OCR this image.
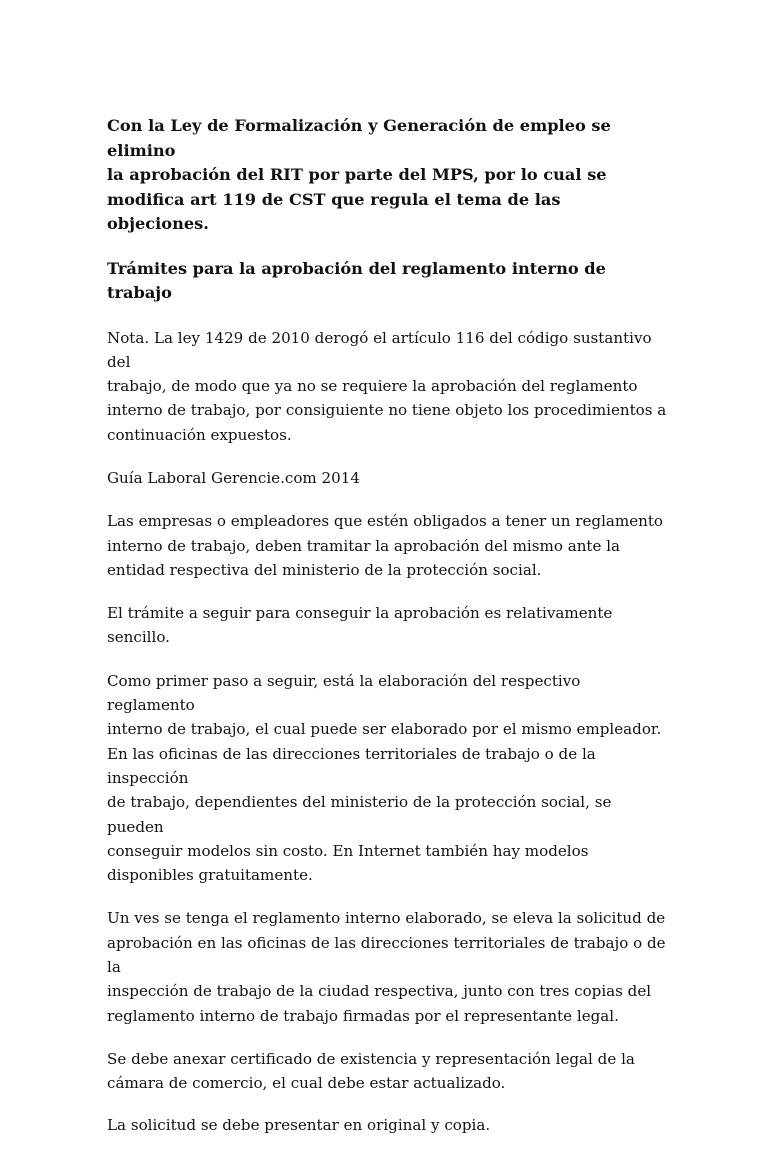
Con la Ley de Formalización y Generación de empleo se elimino
la aprobación del RIT por parte del MPS, por lo cual se
modifica art 119 de CST que regula el tema de las objeciones.

Trámites para la aprobación del reglamento interno de trabajo

Nota. La ley 1429 de 2010 derogó el artículo 116 del código sustantivo del
trabajo, de modo que ya no se requiere la aprobación del reglamento
interno de trabajo, por consiguiente no tiene objeto los procedimientos a
continuación expuestos.

Guía Laboral Gerencie.com 2014

Las empresas o empleadores que estén obligados a tener un reglamento
interno de trabajo, deben tramitar la aprobación del mismo ante la
entidad respectiva del ministerio de la protección social.

El trámite a seguir para conseguir la aprobación es relativamente sencillo.

Como primer paso a seguir, está la elaboración del respectivo reglamento
interno de trabajo, el cual puede ser elaborado por el mismo empleador.
En las oficinas de las direcciones territoriales de trabajo o de la inspección
de trabajo, dependientes del ministerio de la protección social, se pueden
conseguir modelos sin costo. En Internet también hay modelos
disponibles gratuitamente.

Un ves se tenga el reglamento interno elaborado, se eleva la solicitud de
aprobación en las oficinas de las direcciones territoriales de trabajo o de la
inspección de trabajo de la ciudad respectiva, junto con tres copias del
reglamento interno de trabajo firmadas por el representante legal.

Se debe anexar certificado de existencia y representación legal de la
cámara de comercio, el cual debe estar actualizado.

La solicitud se debe presentar en original y copia.
